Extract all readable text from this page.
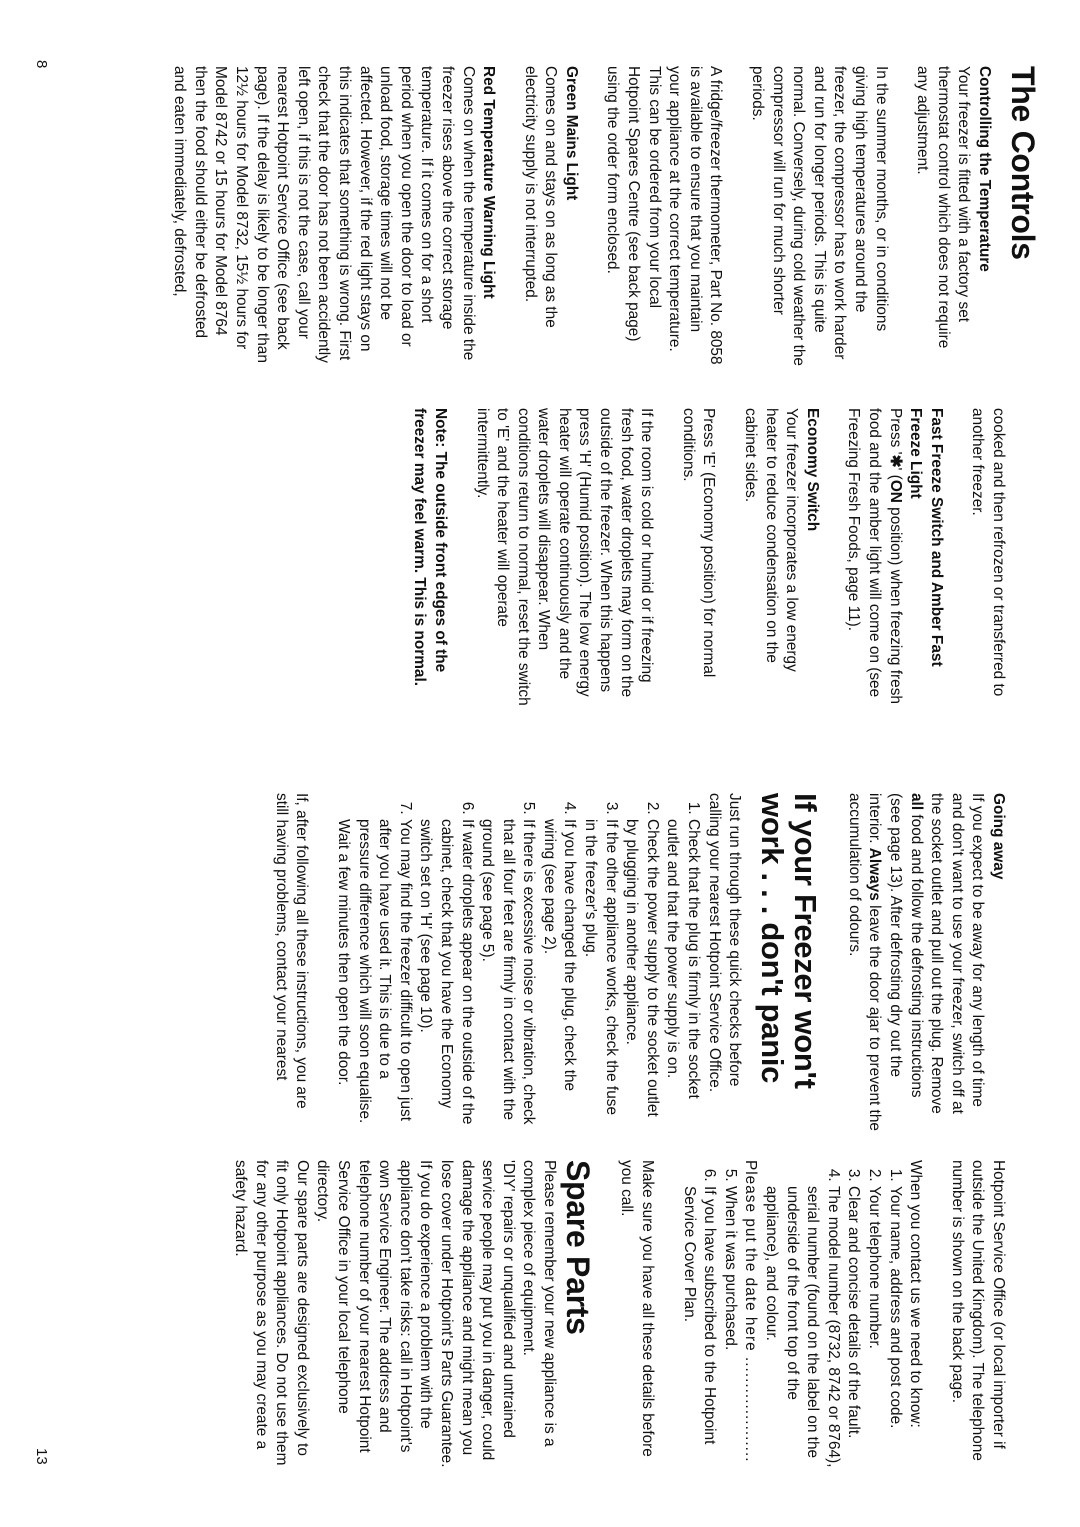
The Controls
Controlling the Temperature

Your freezer is fitted with a factory set thermostat control which does not require any adjustment.

In the summer months, or in conditions giving high temperatures around the freezer, the compressor has to work harder and run for longer periods. This is quite normal. Conversely, during cold weather the compressor will run for much shorter periods.

A fridge/freezer thermometer, Part No. 8058 is available to ensure that you maintain your appliance at the correct temperature. This can be ordered from your local Hotpoint Spares Centre (see back page) using the order form enclosed.

Green Mains Light

Comes on and stays on as long as the electricity supply is not interrupted.

Red Temperature Warning Light

Comes on when the temperature inside the freezer rises above the correct storage temperature. If it comes on for a short period when you open the door to load or unload food, storage times will not be affected. However, if the red light stays on this indicates that something is wrong. First check that the door has not been accidently left open, if this is not the case, call your nearest Hotpoint Service Office (see back page). If the delay is likely to be longer than 12½ hours for Model 8732, 15½ hours for Model 8742 or 15 hours for Model 8764 then the food should either be defrosted and eaten immediately, defrosted,

cooked and then refrozen or transferred to another freezer.

Fast Freeze Switch and Amber Fast Freeze Light

Press '✱' (ON position) when freezing fresh food and the amber light will come on (see Freezing Fresh Foods, page 11).

Economy Switch

Your freezer incorporates a low energy heater to reduce condensation on the cabinet sides.

Press 'E' (Economy position) for normal conditions.

If the room is cold or humid or if freezing fresh food, water droplets may form on the outside of the freezer. When this happens press 'H' (Humid position). The low energy heater will operate continuously and the water droplets will disappear. When conditions return to normal, reset the switch to 'E' and the heater will operate intermittently.

Note: The outside front edges of the freezer may feel warm. This is normal.

8
Going away

If you expect to be away for any length of time and don't want to use your freezer, switch off at the socket outlet and pull out the plug. Remove all food and follow the defrosting instructions (see page 13). After defrosting dry out the interior. Always leave the door ajar to prevent the accumulation of odours.

If your Freezer won't work . . . don't panic

Just run through these quick checks before calling your nearest Hotpoint Service Office.

1. Check that the plug is firmly in the socket outlet and that the power supply is on.
2. Check the power supply to the socket outlet by plugging in another appliance.
3. If the other appliance works, check the fuse in the freezer's plug.
4. If you have changed the plug, check the wiring (see page 2).
5. If there is excessive noise or vibration, check that all four feet are firmly in contact with the ground (see page 5).
6. If water droplets appear on the outside of the cabinet, check that you have the Economy switch set on 'H' (see page 10).
7. You may find the freezer difficult to open just after you have used it. This is due to a pressure difference which will soon equalise. Wait a few minutes then open the door.

If, after following all these instructions, you are still having problems, contact your nearest

Hotpoint Service Office (or local importer if outside the United Kingdom). The telephone number is shown on the back page.

When you contact us we need to know:

1. Your name, address and post code.
2. Your telephone number.
3. Clear and concise details of the fault.
4. The model number (8732, 8742 or 8764), serial number (found on the label on the underside of the front top of the appliance), and colour.
Please put the date here ....................
5. When it was purchased.
6. If you have subscribed to the Hotpoint Service Cover Plan.

Make sure you have all these details before you call.

Spare Parts

Please remember your new appliance is a complex piece of equipment.

'DIY' repairs or unqualified and untrained service people may put you in danger, could damage the appliance and might mean you lose cover under Hotpoint's Parts Guarantee.

If you do experience a problem with the appliance don't take risks: call in Hotpoint's own Service Engineer. The address and telephone number of your nearest Hotpoint Service Office in your local telephone directory.

Our spare parts are designed exclusively to fit only Hotpoint appliances. Do not use them for any other purpose as you may create a safety hazard.

13
